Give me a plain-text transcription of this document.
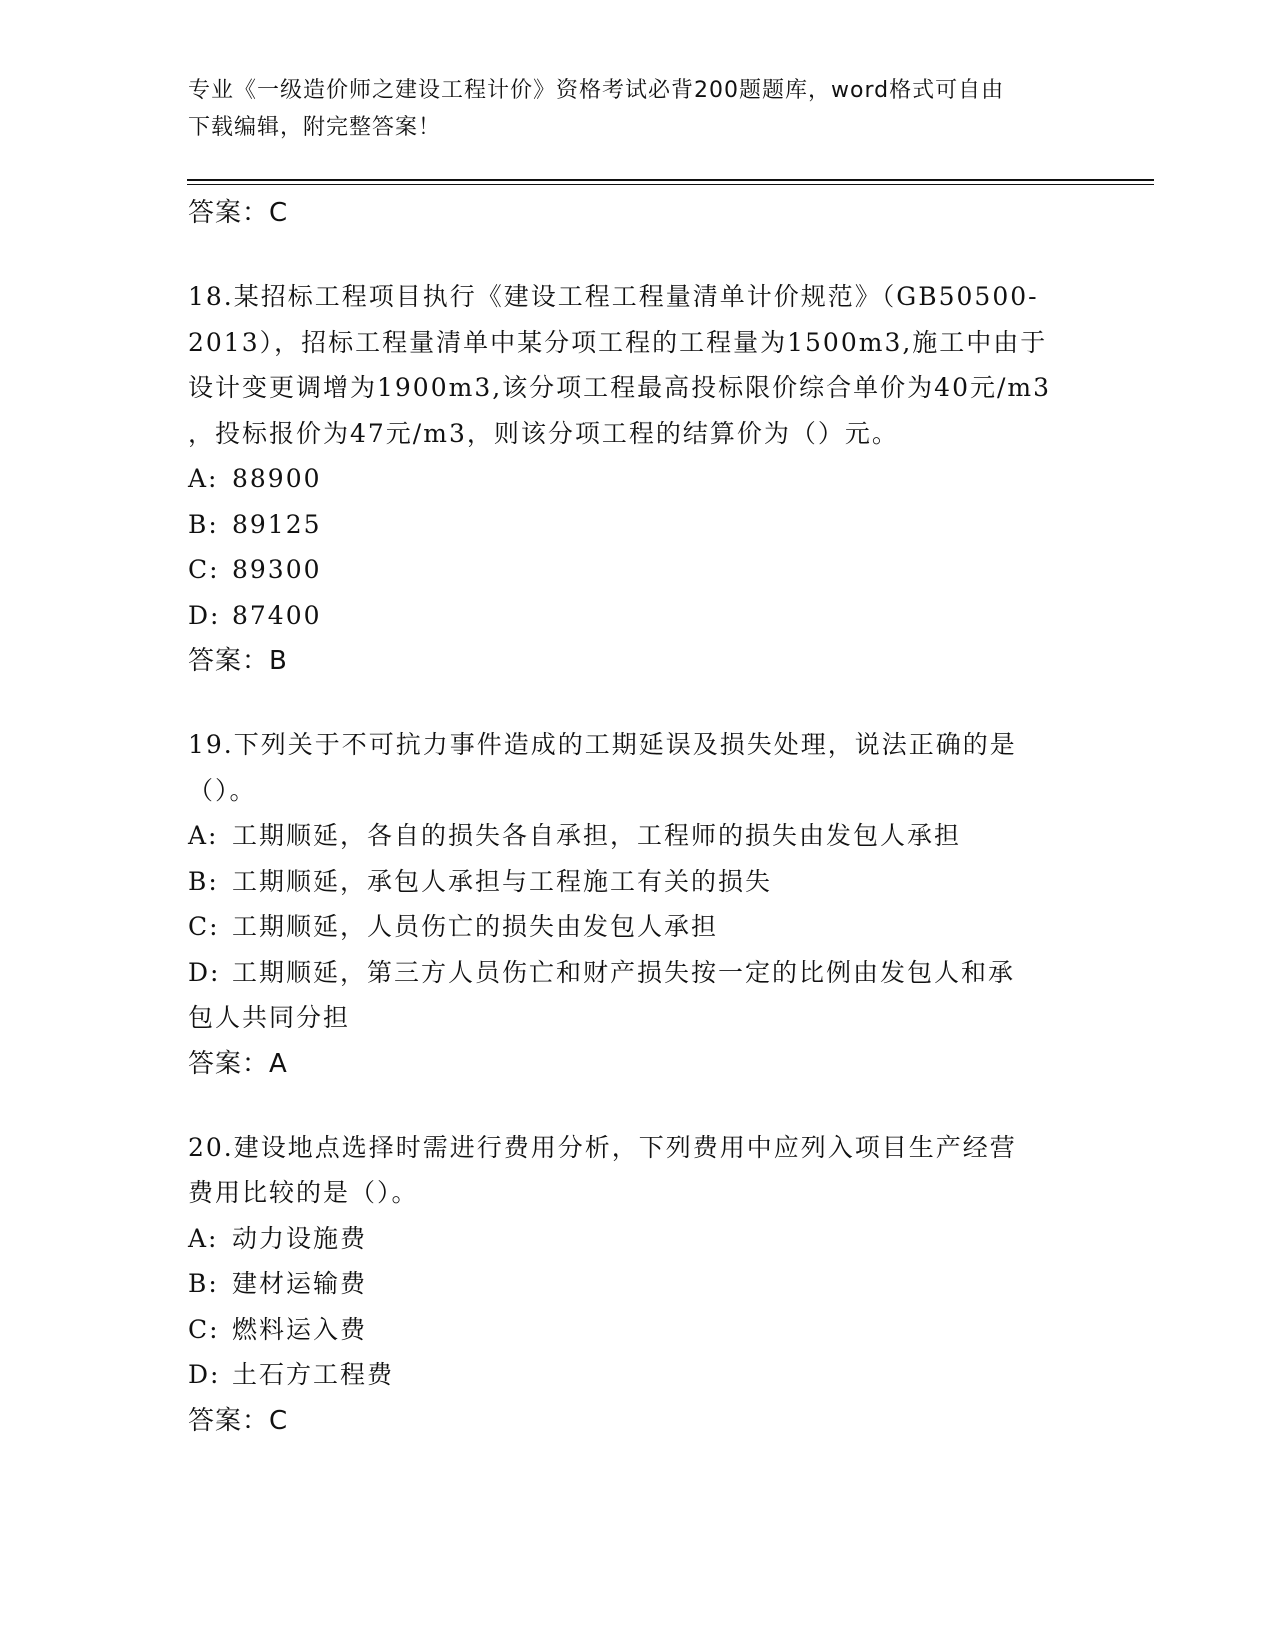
专业《一级造价师之建设工程计价》资格考试必背200题题库，word格式可自由
下载编辑，附完整答案！
答案：C
18.某招标工程项目执行《建设工程工程量清单计价规范》（GB50500-
2013），招标工程量清单中某分项工程的工程量为1500m3,施工中由于
设计变更调增为1900m3,该分项工程最高投标限价综合单价为40元/m3
，投标报价为47元/m3，则该分项工程的结算价为（）元。
A: 88900
B: 89125
C: 89300
D: 87400
答案：B
19.下列关于不可抗力事件造成的工期延误及损失处理，说法正确的是
（）。
A: 工期顺延，各自的损失各自承担，工程师的损失由发包人承担
B: 工期顺延，承包人承担与工程施工有关的损失
C: 工期顺延，人员伤亡的损失由发包人承担
D: 工期顺延，第三方人员伤亡和财产损失按一定的比例由发包人和承
包人共同分担
答案：A
20.建设地点选择时需进行费用分析，下列费用中应列入项目生产经营
费用比较的是（）。
A: 动力设施费
B: 建材运输费
C: 燃料运入费
D: 土石方工程费
答案：C
